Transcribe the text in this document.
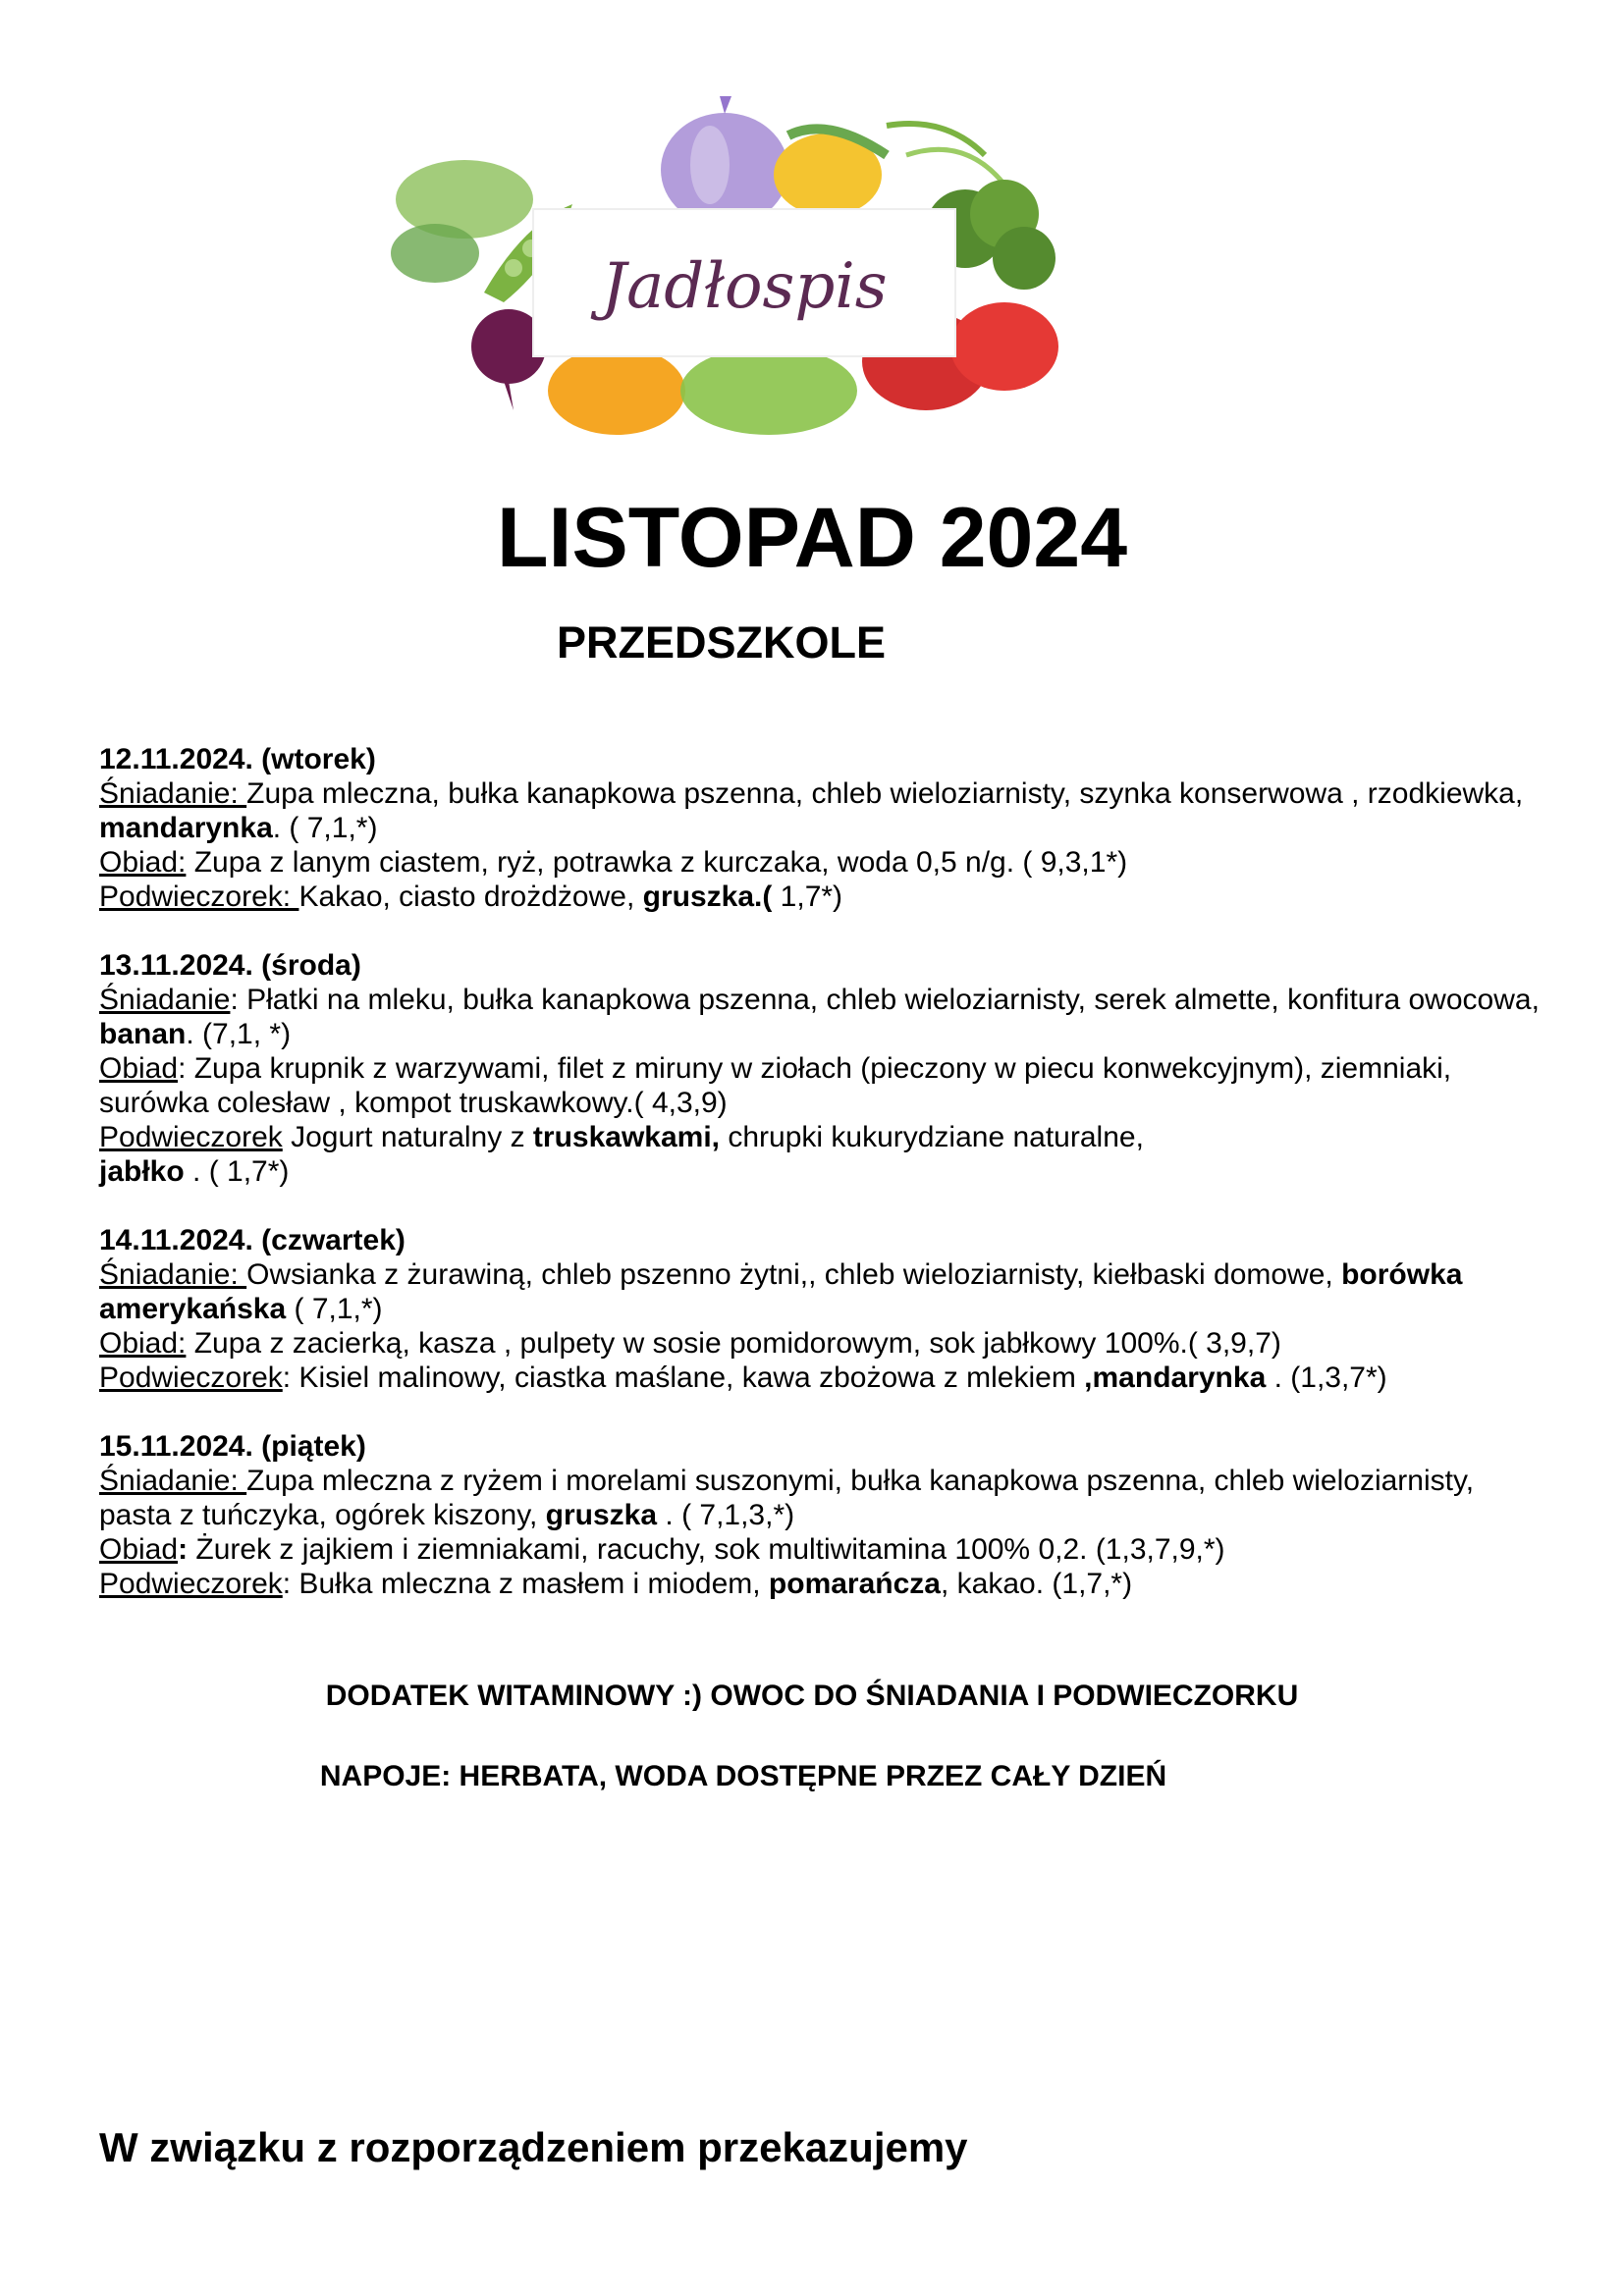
Jadłospis
LISTOPAD 2024
PRZEDSZKOLE
12.11.2024. (wtorek)

Śniadanie: Zupa mleczna, bułka kanapkowa pszenna, chleb wieloziarnisty, szynka konserwowa , rzodkiewka, mandarynka. ( 7,1,*)

Obiad: Zupa z lanym ciastem, ryż, potrawka z kurczaka, woda 0,5 n/g. ( 9,3,1*)

Podwieczorek: Kakao, ciasto drożdżowe, gruszka.( 1,7*)

13.11.2024. (środa)

Śniadanie: Płatki na mleku, bułka kanapkowa pszenna, chleb wieloziarnisty, serek almette, konfitura owocowa, banan. (7,1, *)

Obiad: Zupa krupnik z warzywami, filet z miruny w ziołach (pieczony w piecu konwekcyjnym), ziemniaki, surówka colesław , kompot truskawkowy.( 4,3,9)

Podwieczorek Jogurt naturalny z truskawkami, chrupki kukurydziane naturalne,
jabłko . ( 1,7*)

14.11.2024. (czwartek)

Śniadanie: Owsianka z żurawiną, chleb pszenno żytni,, chleb wieloziarnisty, kiełbaski domowe, borówka amerykańska ( 7,1,*)

Obiad: Zupa z zacierką, kasza , pulpety w sosie pomidorowym, sok jabłkowy 100%.( 3,9,7)

Podwieczorek: Kisiel malinowy, ciastka maślane, kawa zbożowa z mlekiem ,mandarynka . (1,3,7*)

15.11.2024. (piątek)

Śniadanie: Zupa mleczna z ryżem i morelami suszonymi, bułka kanapkowa pszenna, chleb wieloziarnisty, pasta z tuńczyka, ogórek kiszony, gruszka . ( 7,1,3,*)

Obiad: Żurek z jajkiem i ziemniakami, racuchy, sok multiwitamina 100% 0,2. (1,3,7,9,*)

Podwieczorek: Bułka mleczna z masłem i miodem, pomarańcza, kakao. (1,7,*)

DODATEK WITAMINOWY :) OWOC DO ŚNIADANIA I PODWIECZORKU
NAPOJE: HERBATA, WODA DOSTĘPNE PRZEZ CAŁY DZIEŃ
W związku z rozporządzeniem przekazujemy
